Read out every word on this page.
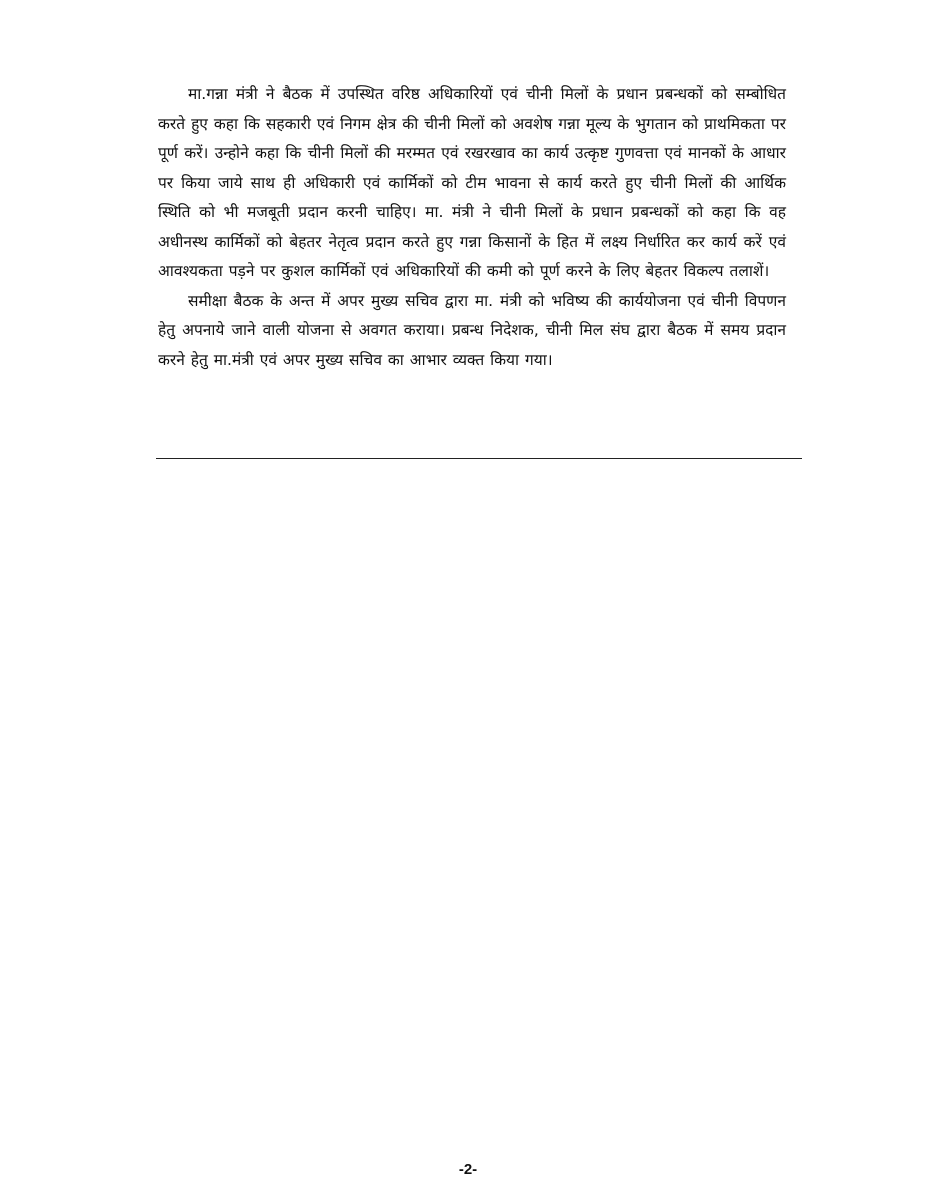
मा.गन्ना मंत्री ने बैठक में उपस्थित वरिष्ठ अधिकारियों एवं चीनी मिलों के प्रधान प्रबन्धकों को सम्बोधित करते हुए कहा कि सहकारी एवं निगम क्षेत्र की चीनी मिलों को अवशेष गन्ना मूल्य के भुगतान को प्राथमिकता पर पूर्ण करें। उन्होने कहा कि चीनी मिलों की मरम्मत एवं रखरखाव का कार्य उत्कृष्ट गुणवत्ता एवं मानकों के आधार पर किया जाये साथ ही अधिकारी एवं कार्मिकों को टीम भावना से कार्य करते हुए चीनी मिलों की आर्थिक स्थिति को भी मजबूती प्रदान करनी चाहिए। मा. मंत्री ने चीनी मिलों के प्रधान प्रबन्धकों को कहा कि वह अधीनस्थ कार्मिकों को बेहतर नेतृत्व प्रदान करते हुए गन्ना किसानों के हित में लक्ष्य निर्धारित कर कार्य करें एवं आवश्यकता पड़ने पर कुशल कार्मिकों एवं अधिकारियों की कमी को पूर्ण करने के लिए बेहतर विकल्प तलाशें।

समीक्षा बैठक के अन्त में अपर मुख्य सचिव द्वारा मा. मंत्री को भविष्य की कार्ययोजना एवं चीनी विपणन हेतु अपनाये जाने वाली योजना से अवगत कराया। प्रबन्ध निदेशक, चीनी मिल संघ द्वारा बैठक में समय प्रदान करने हेतु मा.मंत्री एवं अपर मुख्य सचिव का आभार व्यक्त किया गया।

-2-
